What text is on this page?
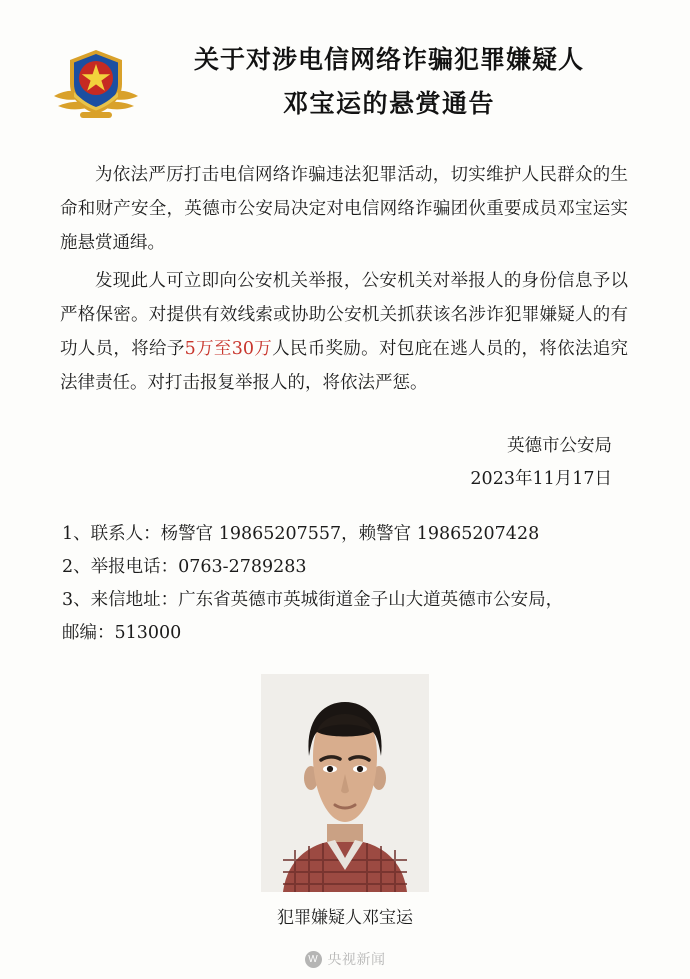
关于对涉电信网络诈骗犯罪嫌疑人
邓宝运的悬赏通告

为依法严厉打击电信网络诈骗违法犯罪活动，切实维护人民群众的生命和财产安全，英德市公安局决定对电信网络诈骗团伙重要成员邓宝运实施悬赏通缉。

发现此人可立即向公安机关举报，公安机关对举报人的身份信息予以严格保密。对提供有效线索或协助公安机关抓获该名涉诈犯罪嫌疑人的有功人员，将给予5万至30万人民币奖励。对包庇在逃人员的，将依法追究法律责任。对打击报复举报人的，将依法严惩。

英德市公安局
2023年11月17日
1、联系人：杨警官 19865207557，赖警官 19865207428
2、举报电话：0763-2789283
3、来信地址：广东省英德市英城街道金子山大道英德市公安局，
邮编：513000
犯罪嫌疑人邓宝运
W 央视新闻
